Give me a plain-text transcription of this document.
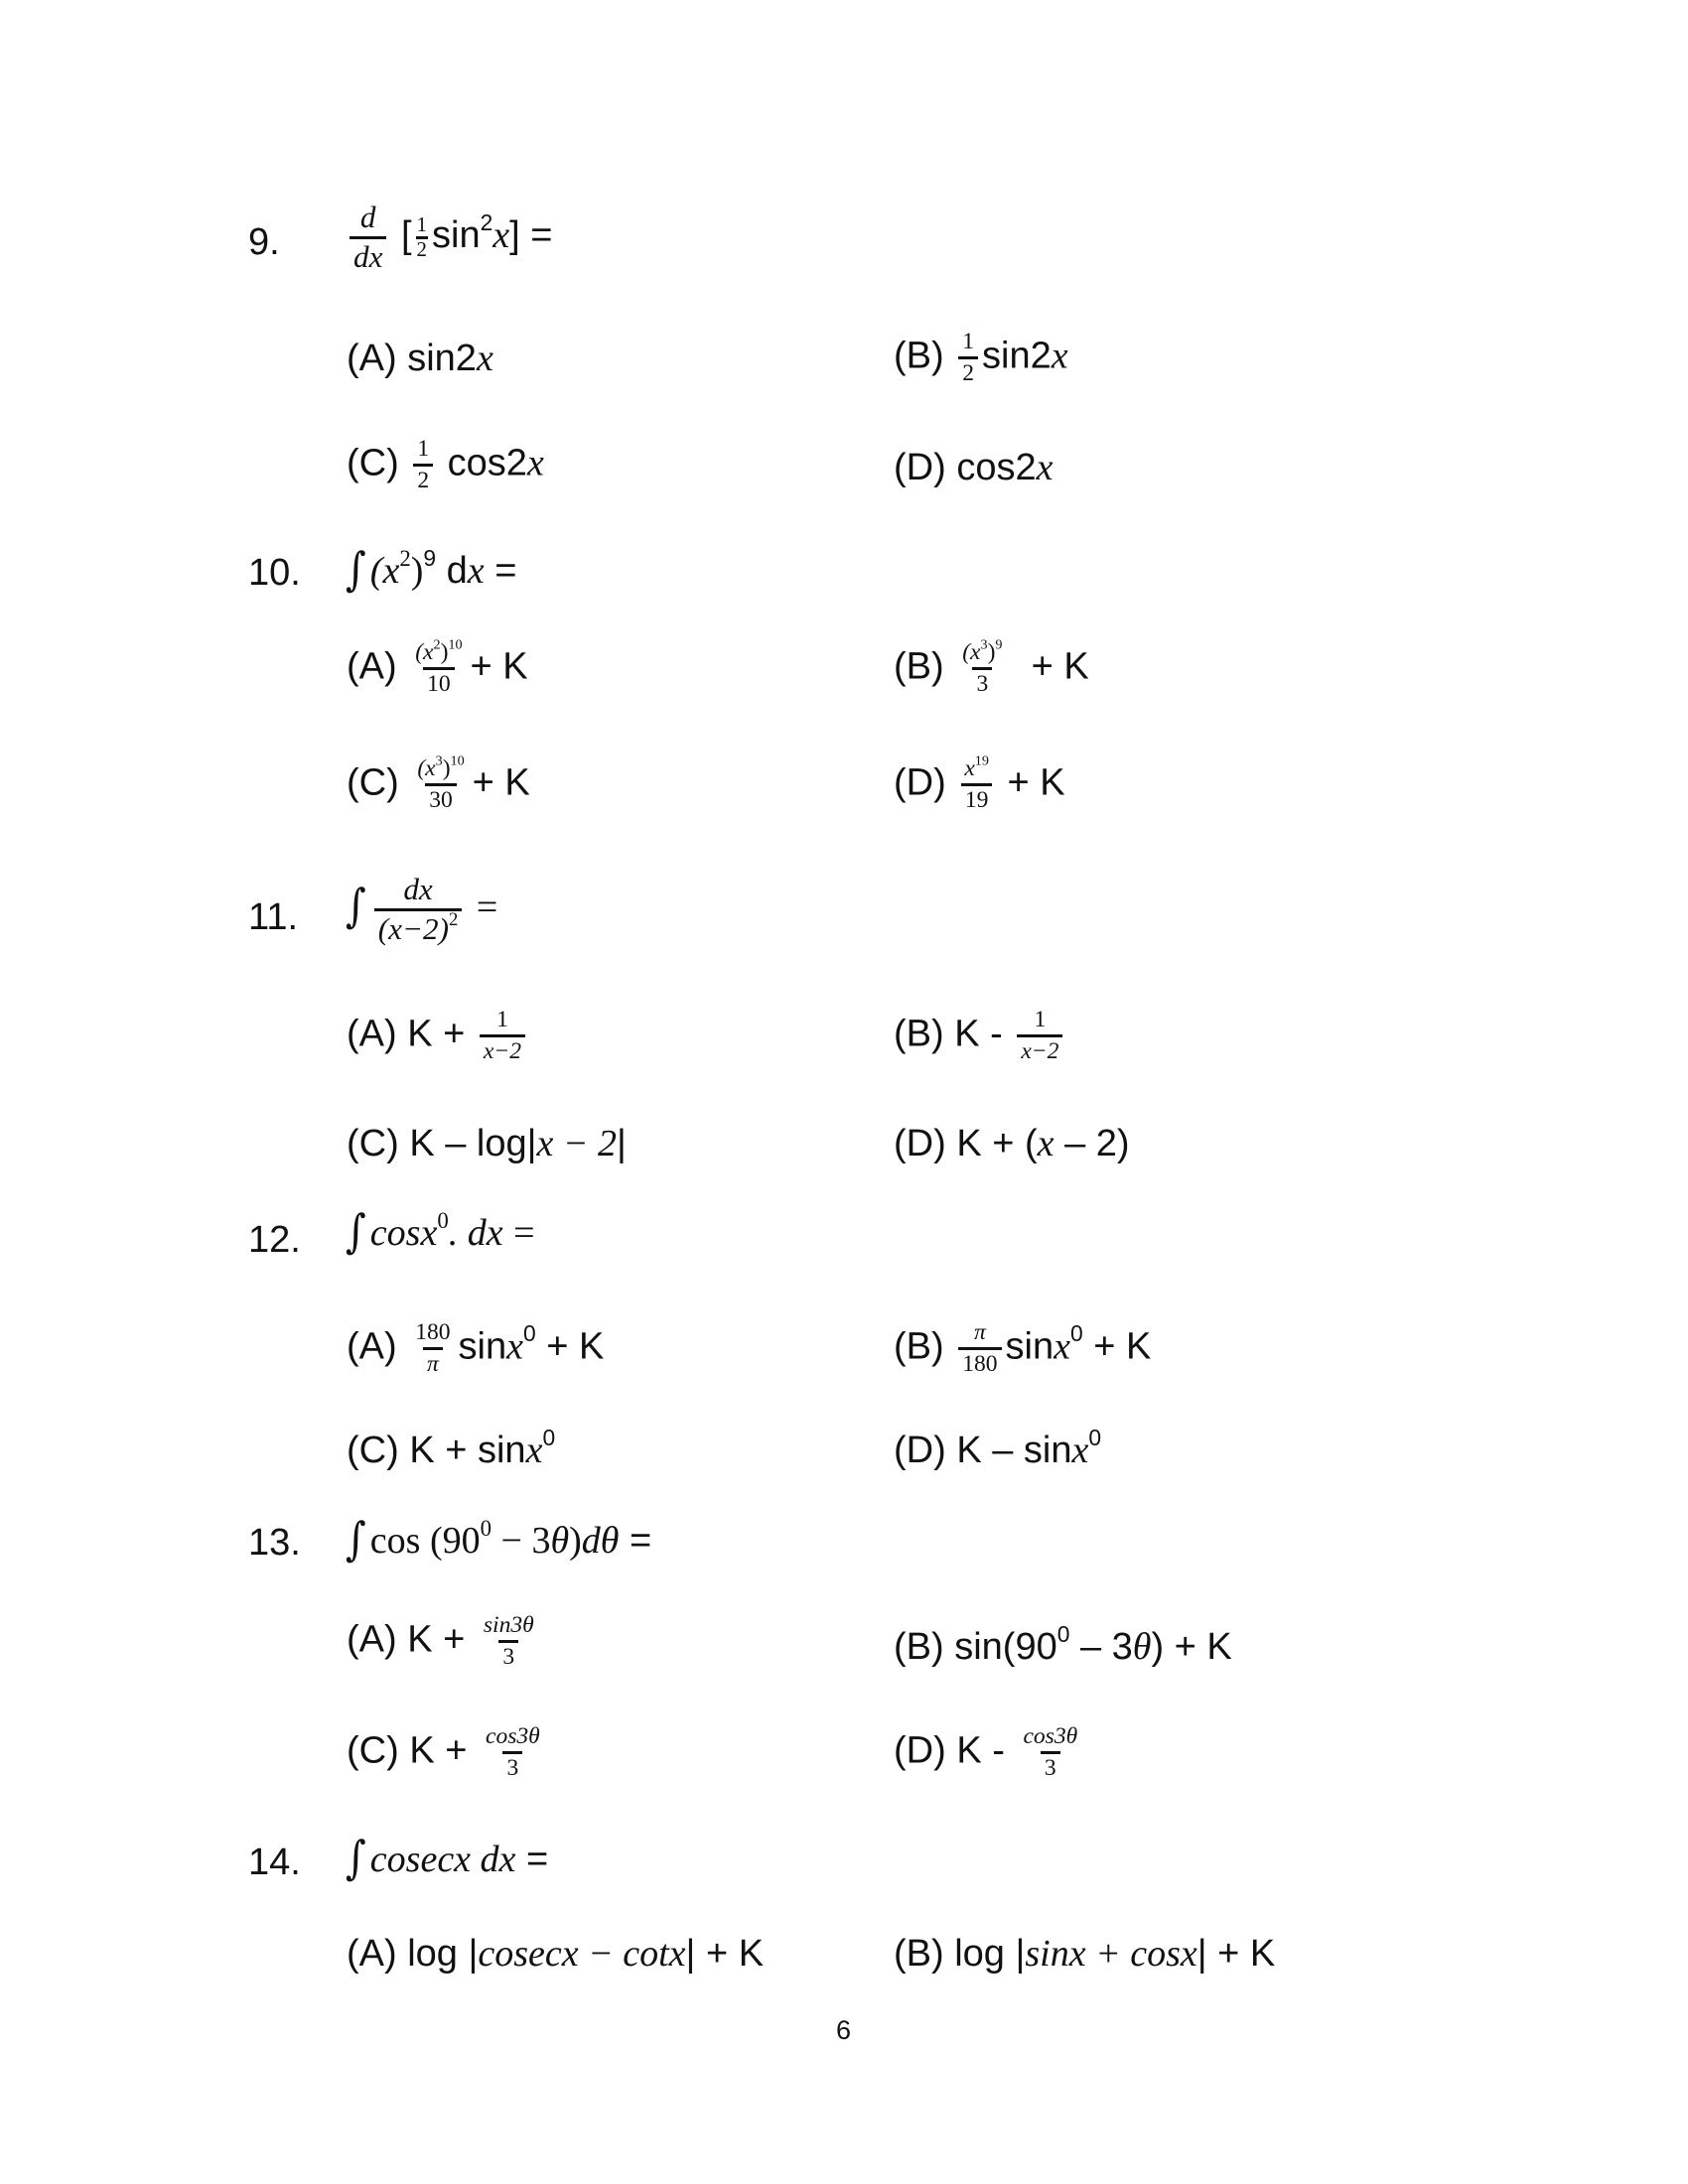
9. $\frac{d}{dx}$ [ $\frac{1}{2} \sin^2x$] =
(A) sin2x	$(B) \frac{1}{2} \sin 2x$
$(C) \frac{1}{2} \cos 2x$	(D) cos2x
10. ∫ $(x^2)^9$ dx =
$(A) \frac{(x^2)^{10}}{10} + K$	$(B) \frac{(x^3)^9}{3} + K$
$(C) \frac{(x^3)^{10}}{30} + K$	$(D) \frac{x^{19}}{19} + K$
11. ∫ $\frac{dx}{(x-2)^2}$ =
(A) $K + \frac{1}{x-2}$	(B) K - $\frac{1}{x-2}$
(C) K – log|x − 2|	(D) K + (x – 2)
12. ∫ cosx$^0$. dx =
$(A) \frac{180}{\pi} \sin x^0 + K$	$(B) \frac{\pi}{180} \sin x^0 + K$
(C) K + sinx$^0$	(D) K – sinx$^0$
13. ∫ $\cos (90^0 - 3\theta)d\theta$ =
(A) $K + \frac{\sin 3\theta}{3}$	(B) $\sin(90^0 - 3\theta) + K$
(C) $K + \frac{\cos 3\theta}{3}$	(D) K - $\frac{\cos 3\theta}{3}$
14. ∫ cosecx dx =
(A) log |cosecx − cotx| + K	(B) log |sinx + cosx| + K
6
